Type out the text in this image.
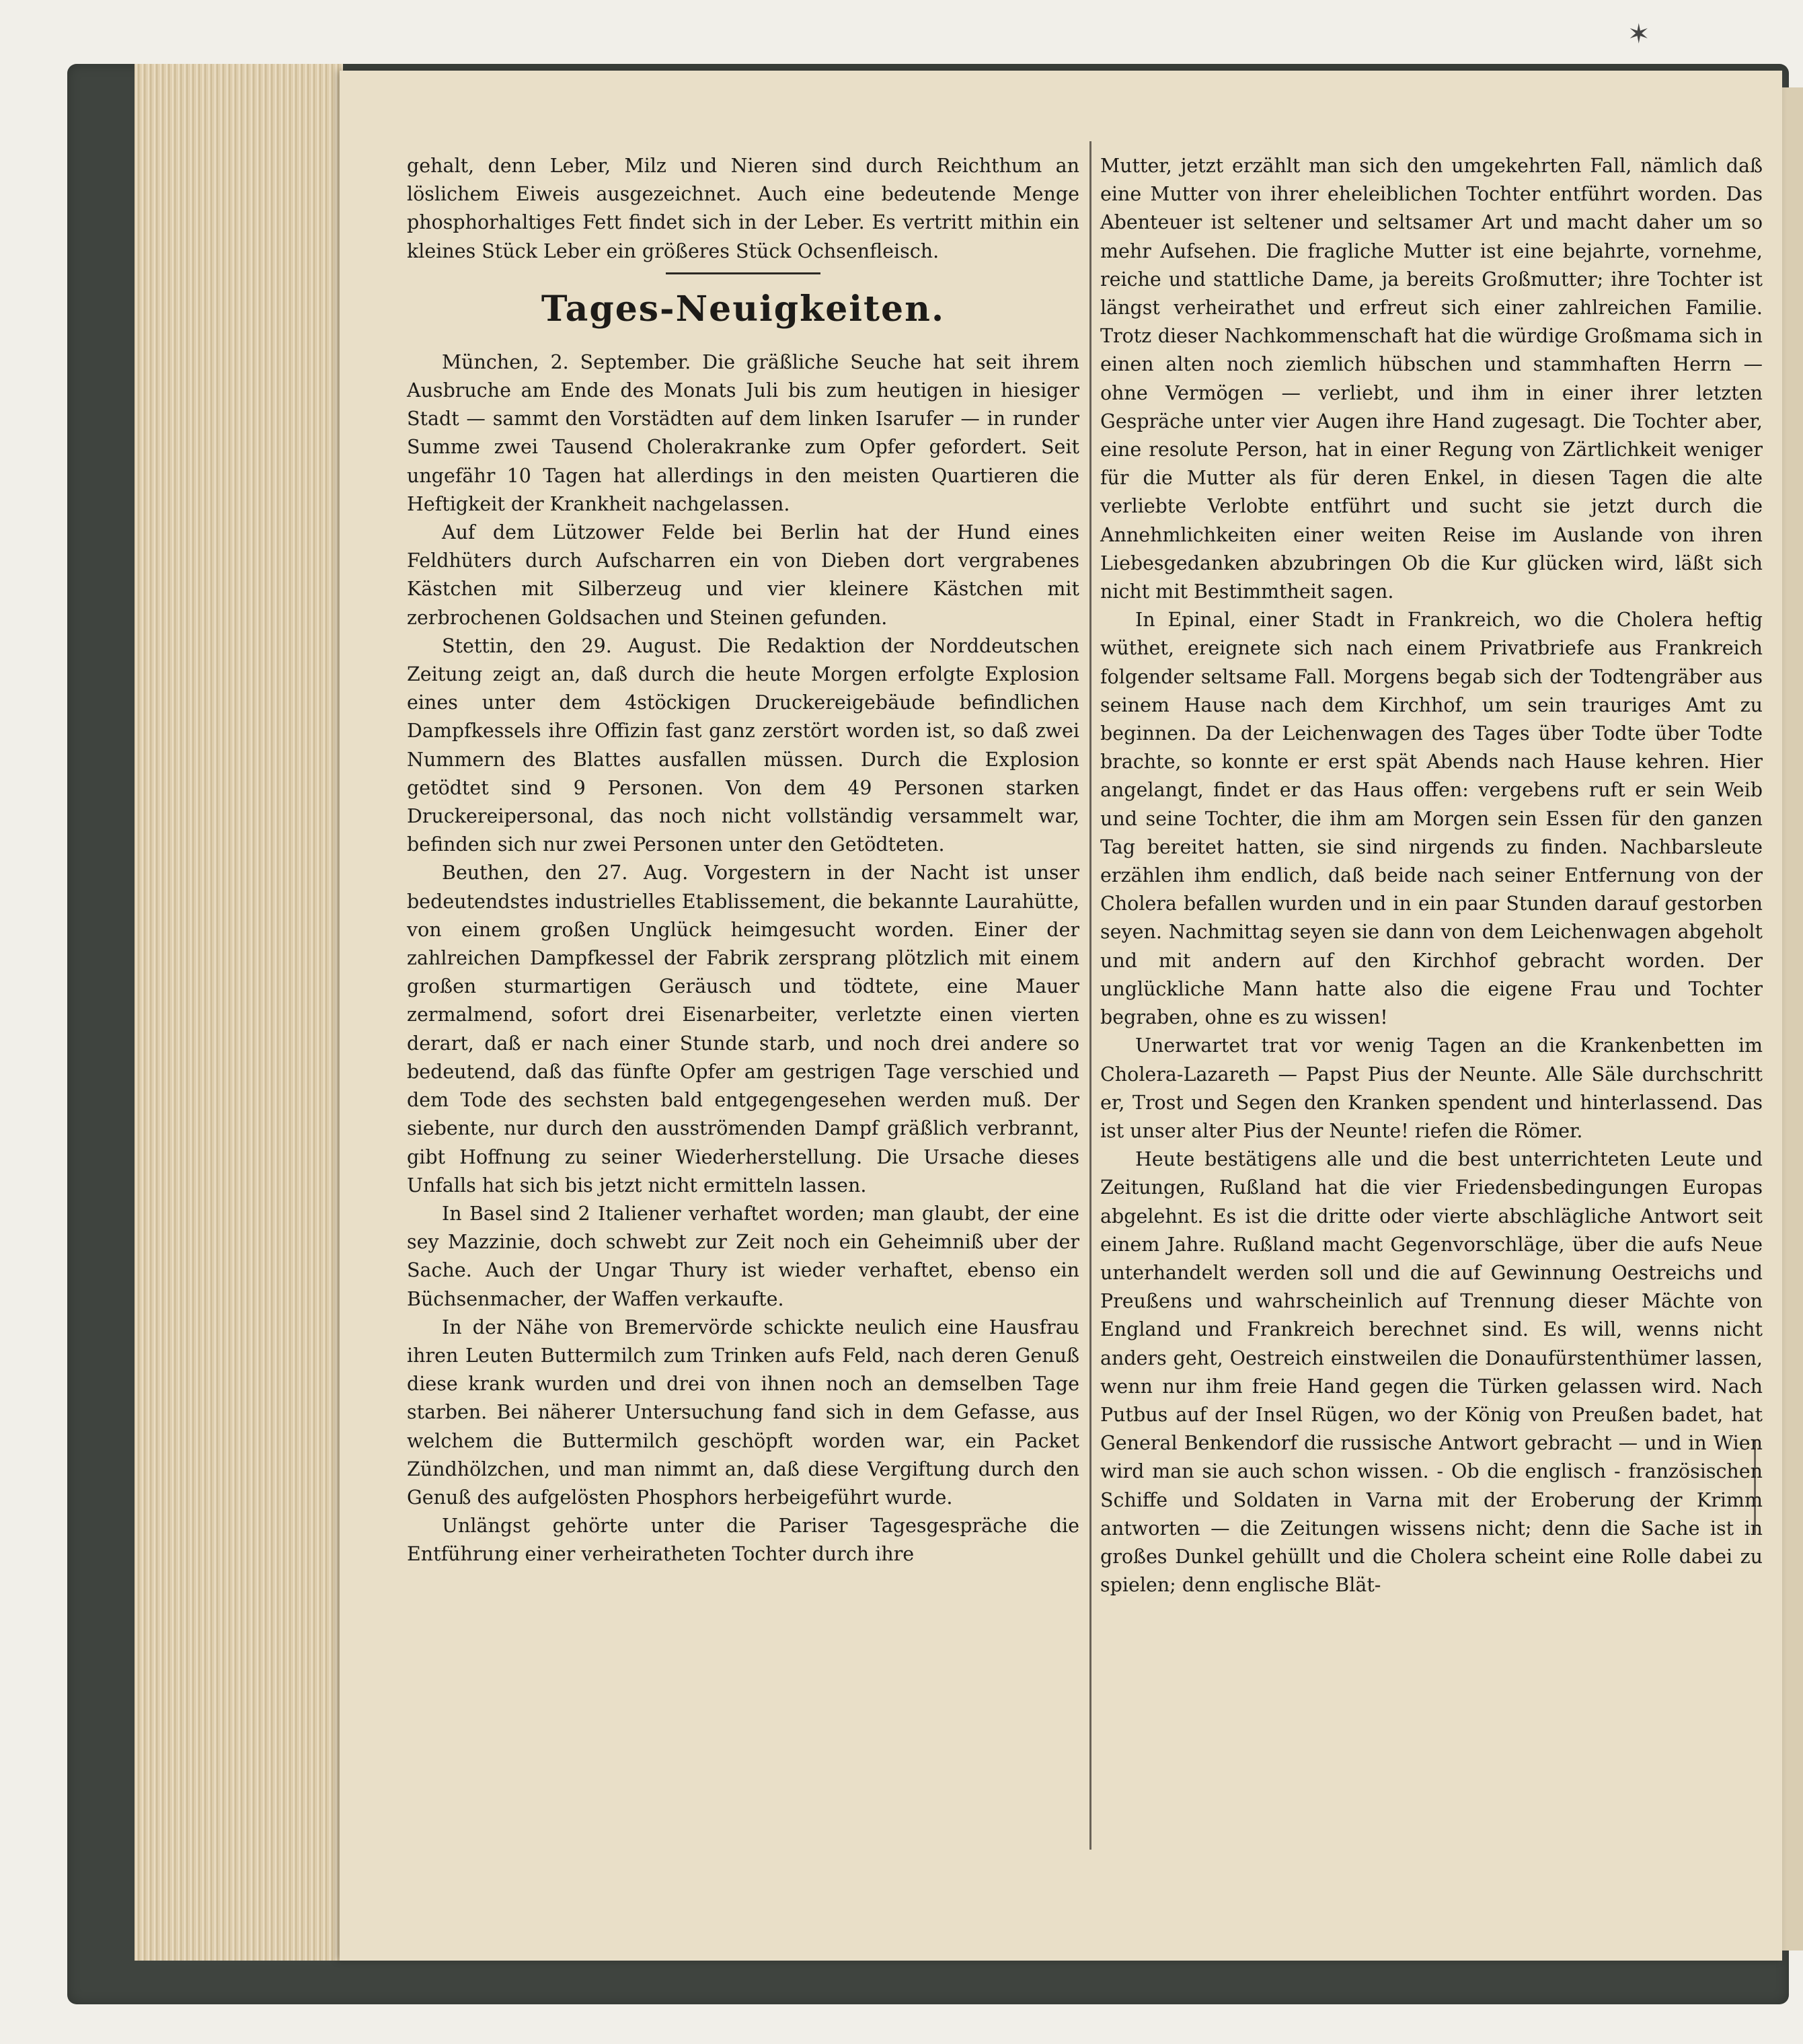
✶

gehalt, denn Leber, Milz und Nieren sind durch Reichthum an löslichem Eiweis ausgezeichnet. Auch eine bedeutende Menge phosphorhaltiges Fett findet sich in der Leber. Es vertritt mithin ein kleines Stück Leber ein größeres Stück Ochsenfleisch.

Tages-Neuigkeiten.

München, 2. September. Die gräßliche Seuche hat seit ihrem Ausbruche am Ende des Monats Juli bis zum heutigen in hiesiger Stadt — sammt den Vorstädten auf dem linken Isarufer — in runder Summe zwei Tausend Cholerakranke zum Opfer gefordert. Seit ungefähr 10 Tagen hat allerdings in den meisten Quartieren die Heftigkeit der Krankheit nachgelassen.

Auf dem Lützower Felde bei Berlin hat der Hund eines Feldhüters durch Aufscharren ein von Dieben dort vergrabenes Kästchen mit Silberzeug und vier kleinere Kästchen mit zerbrochenen Goldsachen und Steinen gefunden.

Stettin, den 29. August. Die Redaktion der Norddeutschen Zeitung zeigt an, daß durch die heute Morgen erfolgte Explosion eines unter dem 4stöckigen Druckereigebäude befindlichen Dampfkessels ihre Offizin fast ganz zerstört worden ist, so daß zwei Nummern des Blattes ausfallen müssen. Durch die Explosion getödtet sind 9 Personen. Von dem 49 Personen starken Druckereipersonal, das noch nicht vollständig versammelt war, befinden sich nur zwei Personen unter den Getödteten.

Beuthen, den 27. Aug. Vorgestern in der Nacht ist unser bedeutendstes industrielles Etablissement, die bekannte Laurahütte, von einem großen Unglück heimgesucht worden. Einer der zahlreichen Dampfkessel der Fabrik zersprang plötzlich mit einem großen sturmartigen Geräusch und tödtete, eine Mauer zermalmend, sofort drei Eisenarbeiter, verletzte einen vierten derart, daß er nach einer Stunde starb, und noch drei andere so bedeutend, daß das fünfte Opfer am gestrigen Tage verschied und dem Tode des sechsten bald entgegengesehen werden muß. Der siebente, nur durch den ausströmenden Dampf gräßlich verbrannt, gibt Hoffnung zu seiner Wiederherstellung. Die Ursache dieses Unfalls hat sich bis jetzt nicht ermitteln lassen.

In Basel sind 2 Italiener verhaftet worden; man glaubt, der eine sey Mazzinie, doch schwebt zur Zeit noch ein Geheimniß uber der Sache. Auch der Ungar Thury ist wieder verhaftet, ebenso ein Büchsenmacher, der Waffen verkaufte.

In der Nähe von Bremervörde schickte neulich eine Hausfrau ihren Leuten Buttermilch zum Trinken aufs Feld, nach deren Genuß diese krank wurden und drei von ihnen noch an demselben Tage starben. Bei näherer Untersuchung fand sich in dem Gefasse, aus welchem die Buttermilch geschöpft worden war, ein Packet Zündhölzchen, und man nimmt an, daß diese Vergiftung durch den Genuß des aufgelösten Phosphors herbeigeführt wurde.

Unlängst gehörte unter die Pariser Tagesgespräche die Entführung einer verheiratheten Tochter durch ihre

Mutter, jetzt erzählt man sich den umgekehrten Fall, nämlich daß eine Mutter von ihrer eheleiblichen Tochter entführt worden. Das Abenteuer ist seltener und seltsamer Art und macht daher um so mehr Aufsehen. Die fragliche Mutter ist eine bejahrte, vornehme, reiche und stattliche Dame, ja bereits Großmutter; ihre Tochter ist längst verheirathet und erfreut sich einer zahlreichen Familie. Trotz dieser Nachkommenschaft hat die würdige Großmama sich in einen alten noch ziemlich hübschen und stammhaften Herrn — ohne Vermögen — verliebt, und ihm in einer ihrer letzten Gespräche unter vier Augen ihre Hand zugesagt. Die Tochter aber, eine resolute Person, hat in einer Regung von Zärtlichkeit weniger für die Mutter als für deren Enkel, in diesen Tagen die alte verliebte Verlobte entführt und sucht sie jetzt durch die Annehmlichkeiten einer weiten Reise im Auslande von ihren Liebesgedanken abzubringen Ob die Kur glücken wird, läßt sich nicht mit Bestimmtheit sagen.

In Epinal, einer Stadt in Frankreich, wo die Cholera heftig wüthet, ereignete sich nach einem Privatbriefe aus Frankreich folgender seltsame Fall. Morgens begab sich der Todtengräber aus seinem Hause nach dem Kirchhof, um sein trauriges Amt zu beginnen. Da der Leichenwagen des Tages über Todte über Todte brachte, so konnte er erst spät Abends nach Hause kehren. Hier angelangt, findet er das Haus offen: vergebens ruft er sein Weib und seine Tochter, die ihm am Morgen sein Essen für den ganzen Tag bereitet hatten, sie sind nirgends zu finden. Nachbarsleute erzählen ihm endlich, daß beide nach seiner Entfernung von der Cholera befallen wurden und in ein paar Stunden darauf gestorben seyen. Nachmittag seyen sie dann von dem Leichenwagen abgeholt und mit andern auf den Kirchhof gebracht worden. Der unglückliche Mann hatte also die eigene Frau und Tochter begraben, ohne es zu wissen!

Unerwartet trat vor wenig Tagen an die Krankenbetten im Cholera-Lazareth — Papst Pius der Neunte. Alle Säle durchschritt er, Trost und Segen den Kranken spendent und hinterlassend. Das ist unser alter Pius der Neunte! riefen die Römer.

Heute bestätigens alle und die best unterrichteten Leute und Zeitungen, Rußland hat die vier Friedensbedingungen Europas abgelehnt. Es ist die dritte oder vierte abschlägliche Antwort seit einem Jahre. Rußland macht Gegenvorschläge, über die aufs Neue unterhandelt werden soll und die auf Gewinnung Oestreichs und Preußens und wahrscheinlich auf Trennung dieser Mächte von England und Frankreich berechnet sind. Es will, wenns nicht anders geht, Oestreich einstweilen die Donaufürstenthümer lassen, wenn nur ihm freie Hand gegen die Türken gelassen wird. Nach Putbus auf der Insel Rügen, wo der König von Preußen badet, hat General Benkendorf die russische Antwort gebracht — und in Wien wird man sie auch schon wissen. - Ob die englisch - französischen Schiffe und Soldaten in Varna mit der Eroberung der Krimm antworten — die Zeitungen wissens nicht; denn die Sache ist in großes Dunkel gehüllt und die Cholera scheint eine Rolle dabei zu spielen; denn englische Blät-
